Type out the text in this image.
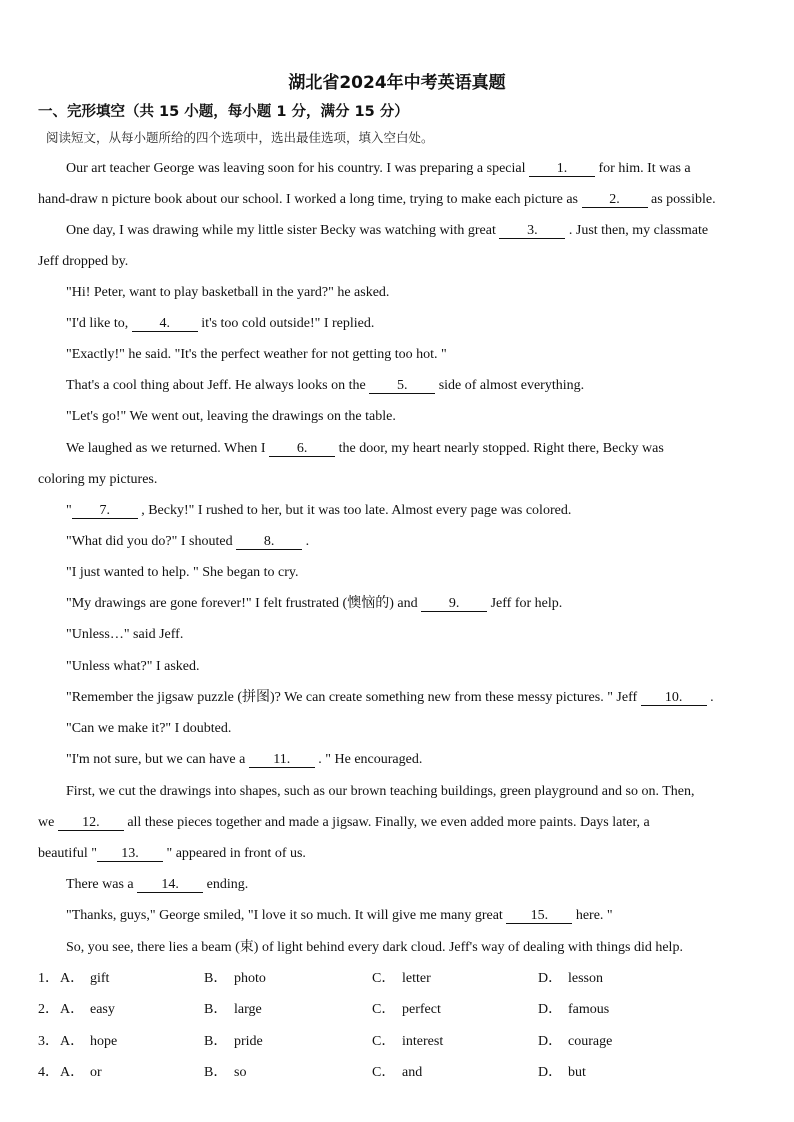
湖北省2024年中考英语真题
一、完形填空（共 15 小题，每小题 1 分，满分 15 分）
阅读短文，从每小题所给的四个选项中，选出最佳选项，填入空白处。
Our art teacher George was leaving soon for his country. I was preparing a special 1. for him. It was a
hand-draw n picture book about our school. I worked a long time, trying to make each picture as 2. as possible.
One day, I was drawing while my little sister Becky was watching with great 3. . Just then, my classmate
Jeff dropped by.
"Hi! Peter, want to play basketball in the yard?" he asked.
"I'd like to, 4. it's too cold outside!" I replied.
"Exactly!" he said. "It's the perfect weather for not getting too hot. "
That's a cool thing about Jeff. He always looks on the 5. side of almost everything.
"Let's go!" We went out, leaving the drawings on the table.
We laughed as we returned. When I 6. the door, my heart nearly stopped. Right there, Becky was
coloring my pictures.
" 7. , Becky!" I rushed to her, but it was too late. Almost every page was colored.
"What did you do?" I shouted 8. .
"I just wanted to help. " She began to cry.
"My drawings are gone forever!" I felt frustrated (懊恼的) and 9. Jeff for help.
"Unless…" said Jeff.
"Unless what?" I asked.
"Remember the jigsaw puzzle (拼图)? We can create something new from these messy pictures. " Jeff 10. .
"Can we make it?" I doubted.
"I'm not sure, but we can have a 11. . " He encouraged.
First, we cut the drawings into shapes, such as our brown teaching buildings, green playground and so on. Then,
we 12. all these pieces together and made a jigsaw. Finally, we even added more paints. Days later, a
beautiful " 13. " appeared in front of us.
There was a 14. ending.
"Thanks, guys," George smiled, "I love it so much. It will give me many great 15. here. "
So, you see, there lies a beam (束) of light behind every dark cloud. Jeff's way of dealing with things did help.
1． A． gift	B． photo	C． letter	D． lesson
2． A． easy	B． large	C． perfect	D． famous
3． A． hope	B． pride	C． interest	D． courage
4． A． or	B． so	C． and	D． but
